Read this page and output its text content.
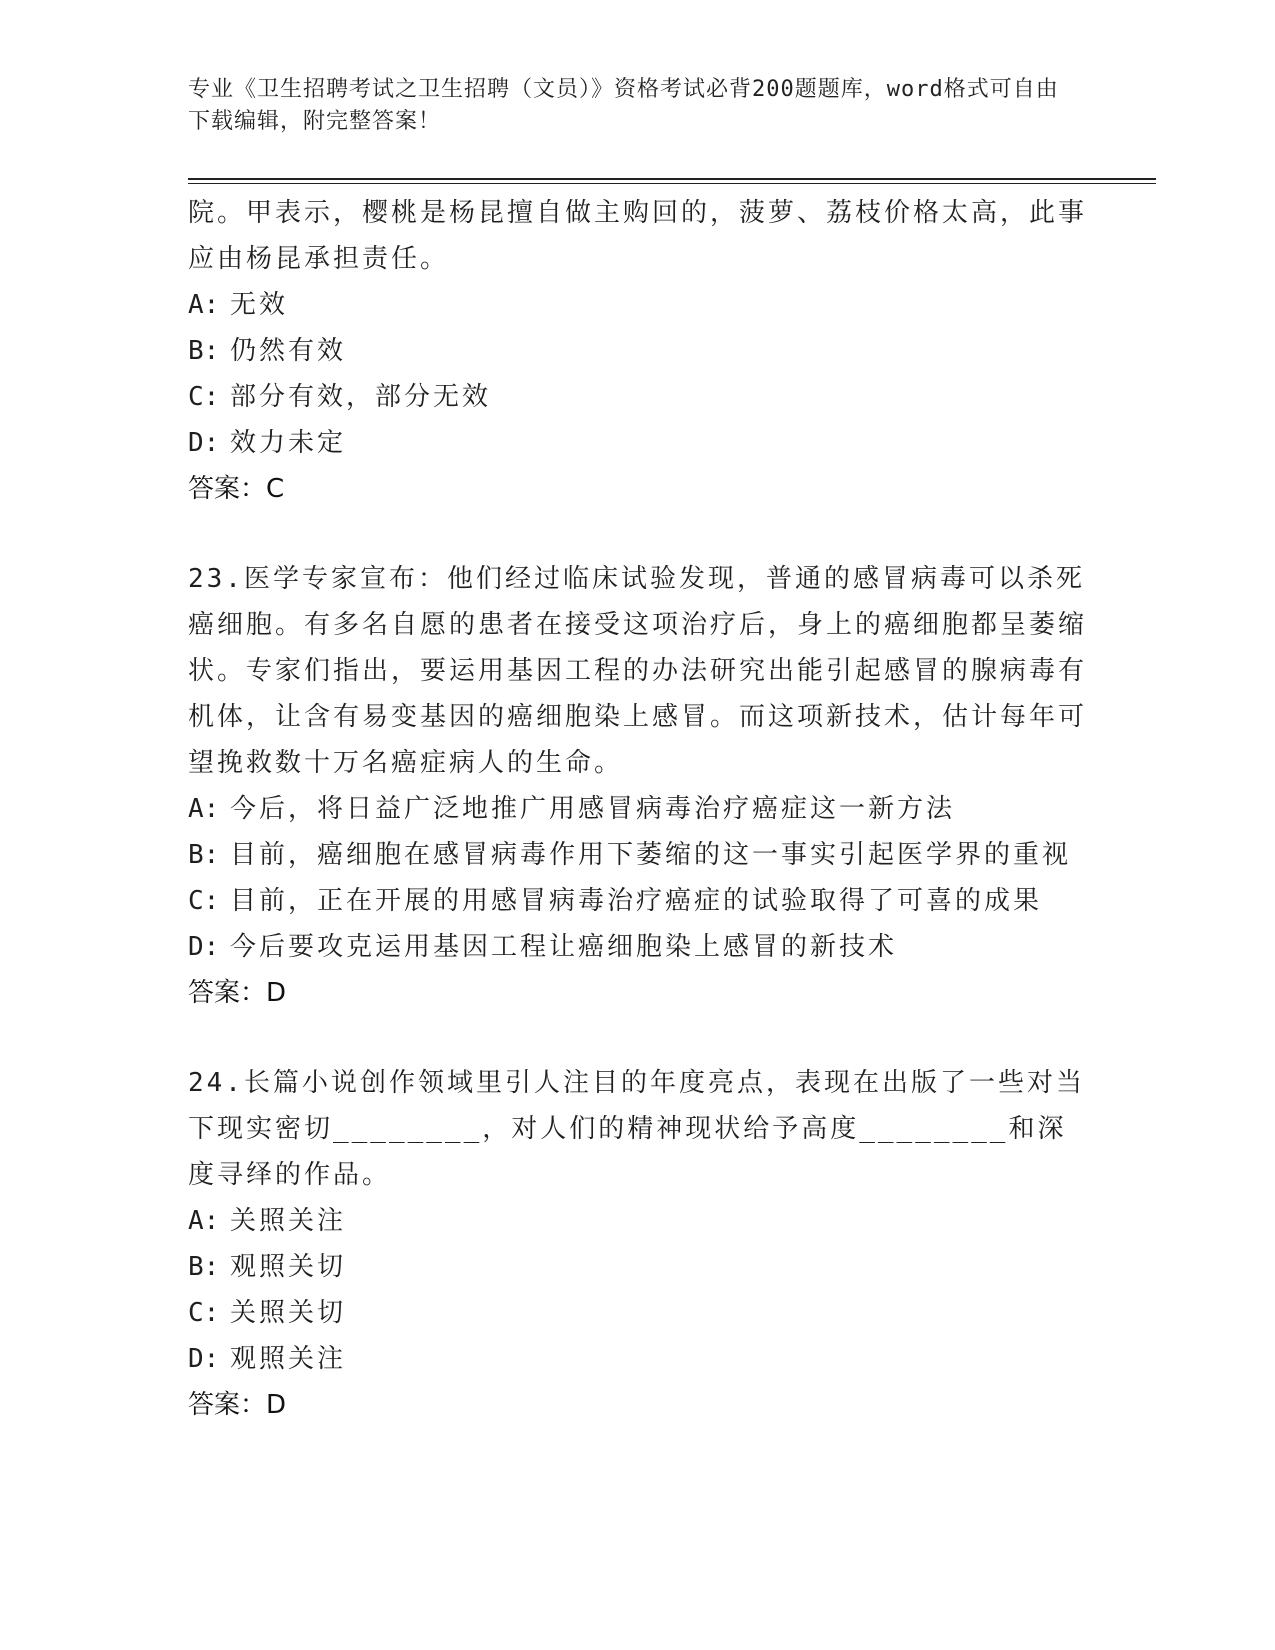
专业《卫生招聘考试之卫生招聘（文员）》资格考试必背200题题库，word格式可自由下载编辑，附完整答案！

院。甲表示，樱桃是杨昆擅自做主购回的，菠萝、荔枝价格太高，此事应由杨昆承担责任。

A: 无效

B: 仍然有效

C: 部分有效，部分无效

D: 效力未定

答案：C

23.医学专家宣布：他们经过临床试验发现，普通的感冒病毒可以杀死癌细胞。有多名自愿的患者在接受这项治疗后，身上的癌细胞都呈萎缩状。专家们指出，要运用基因工程的办法研究出能引起感冒的腺病毒有机体，让含有易变基因的癌细胞染上感冒。而这项新技术，估计每年可望挽救数十万名癌症病人的生命。

A: 今后，将日益广泛地推广用感冒病毒治疗癌症这一新方法

B: 目前，癌细胞在感冒病毒作用下萎缩的这一事实引起医学界的重视

C: 目前，正在开展的用感冒病毒治疗癌症的试验取得了可喜的成果

D: 今后要攻克运用基因工程让癌细胞染上感冒的新技术

答案：D

24.长篇小说创作领域里引人注目的年度亮点，表现在出版了一些对当下现实密切________，对人们的精神现状给予高度________和深度寻绎的作品。

A: 关照关注

B: 观照关切

C: 关照关切

D: 观照关注

答案：D
